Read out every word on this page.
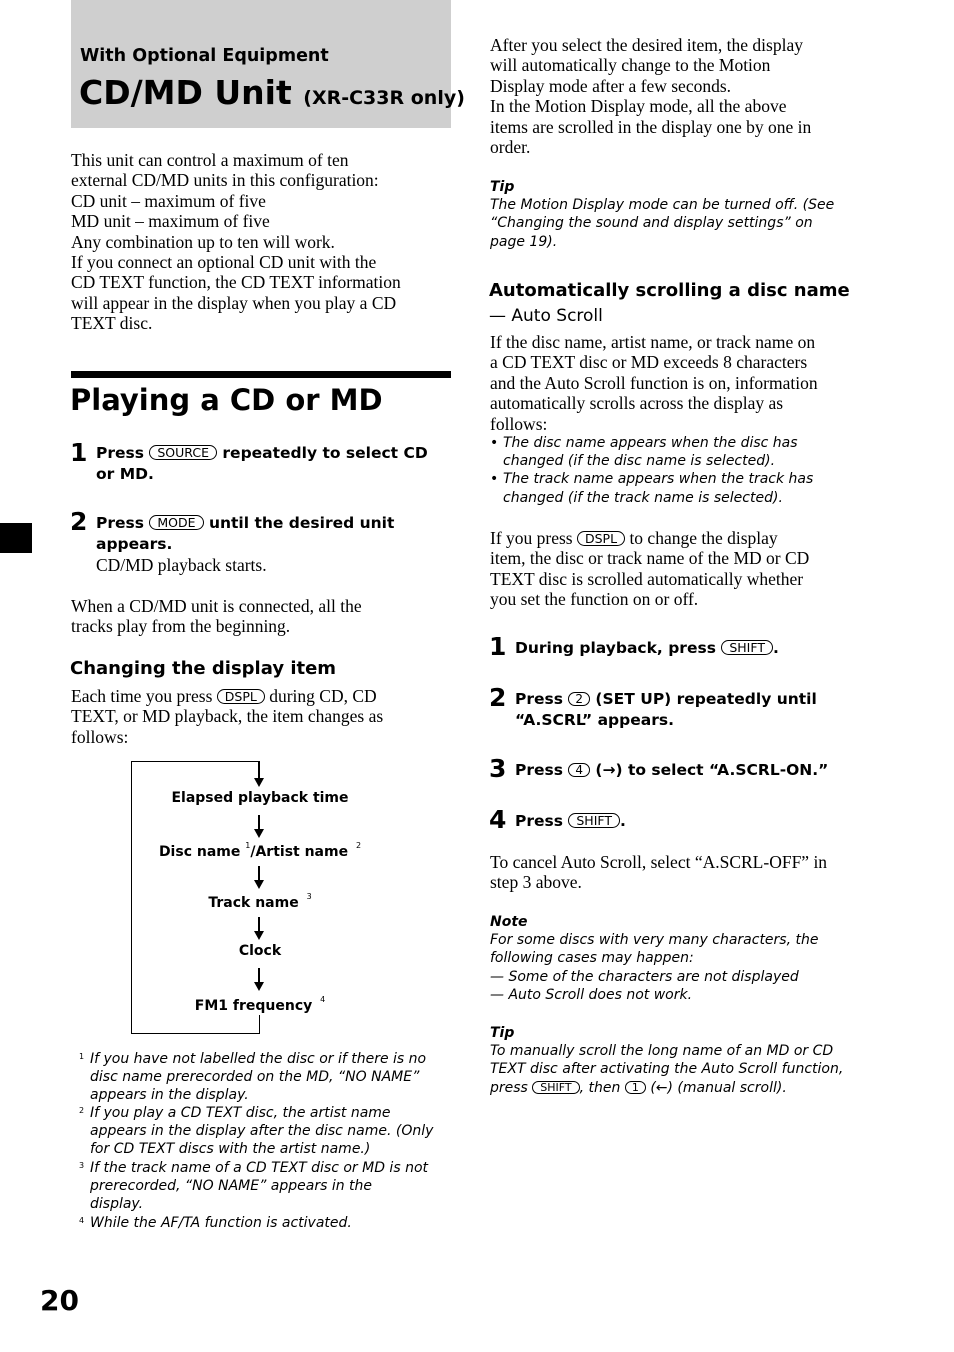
With Optional Equipment
CD/MD Unit (XR-C33R only)
This unit can control a maximum of ten
external CD/MD units in this configuration:
CD unit – maximum of five
MD unit – maximum of five
Any combination up to ten will work.
If you connect an optional CD unit with the
CD TEXT function, the CD TEXT information
will appear in the display when you play a CD
TEXT disc.
Playing a CD or MD
1 Press SOURCE repeatedly to select CD
or MD.
2 Press MODE until the desired unit
appears.
CD/MD playback starts.
When a CD/MD unit is connected, all the
tracks play from the beginning.
Changing the display item
Each time you press DSPL during CD, CD
TEXT, or MD playback, the item changes as
follows:
Elapsed playback time
Disc name $^1$/Artist name $^2$
Track name $^3$
Clock
FM1 frequency $^4$
1 If you have not labelled the disc or if there is no
disc name prerecorded on the MD, “NO NAME”
appears in the display.
2 If you play a CD TEXT disc, the artist name
appears in the display after the disc name. (Only
for CD TEXT discs with the artist name.)
3 If the track name of a CD TEXT disc or MD is not
prerecorded, “NO NAME” appears in the
display.
4 While the AF/TA function is activated.
20
After you select the desired item, the display
will automatically change to the Motion
Display mode after a few seconds.
In the Motion Display mode, all the above
items are scrolled in the display one by one in
order.
Tip
The Motion Display mode can be turned off. (See
“Changing the sound and display settings” on
page 19).
Automatically scrolling a disc name
— Auto Scroll
If the disc name, artist name, or track name on
a CD TEXT disc or MD exceeds 8 characters
and the Auto Scroll function is on, information
automatically scrolls across the display as
follows:
• The disc name appears when the disc has
changed (if the disc name is selected).
• The track name appears when the track has
changed (if the track name is selected).
If you press DSPL to change the display
item, the disc or track name of the MD or CD
TEXT disc is scrolled automatically whether
you set the function on or off.
1 During playback, press SHIFT .
2 Press 2 (SET UP) repeatedly until
“A.SCRL” appears.
3 Press 4 (→) to select “A.SCRL-ON.”
4 Press SHIFT .
To cancel Auto Scroll, select “A.SCRL-OFF” in
step 3 above.
Note
For some discs with very many characters, the
following cases may happen:
— Some of the characters are not displayed
— Auto Scroll does not work.
Tip
To manually scroll the long name of an MD or CD
TEXT disc after activating the Auto Scroll function,
press SHIFT , then 1 (←) (manual scroll).
